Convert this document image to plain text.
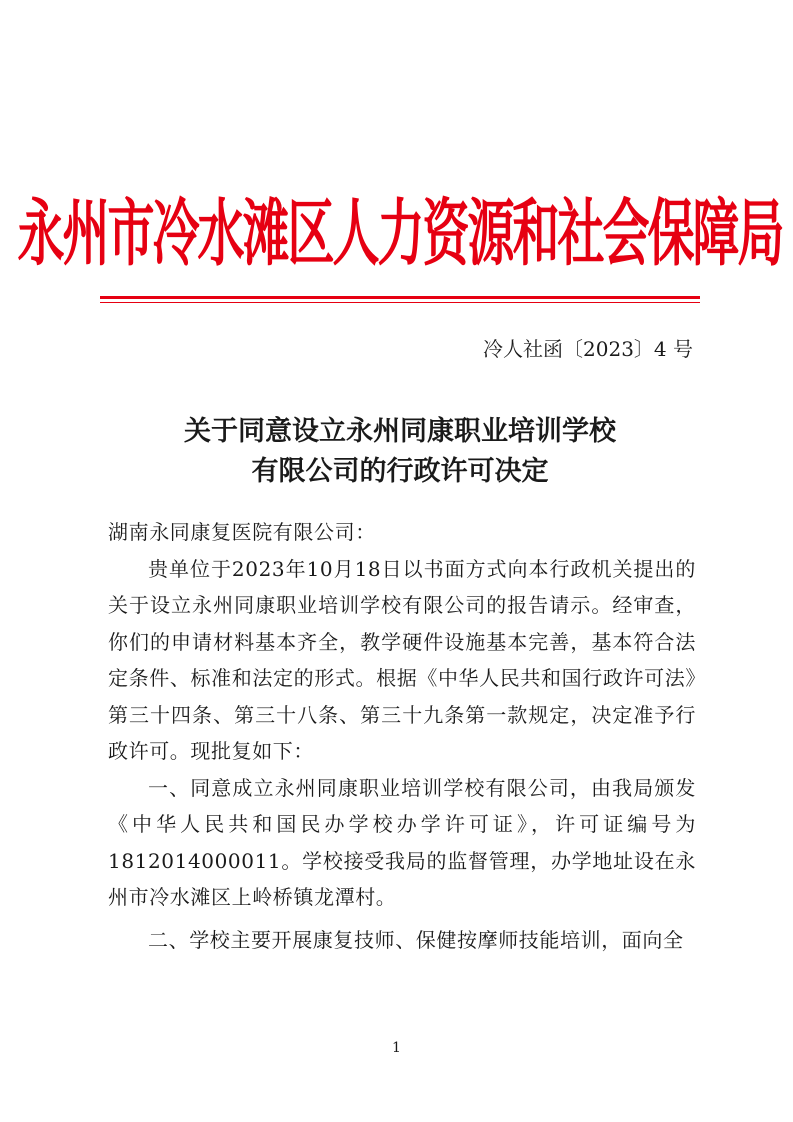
永州市冷水滩区人力资源和社会保障局
冷人社函〔2023〕4 号
关于同意设立永州同康职业培训学校
有限公司的行政许可决定

湖南永同康复医院有限公司：

贵单位于2023年10月18日以书面方式向本行政机关提出的关于设立永州同康职业培训学校有限公司的报告请示。经审查，你们的申请材料基本齐全，教学硬件设施基本完善，基本符合法定条件、标准和法定的形式。根据《中华人民共和国行政许可法》第三十四条、第三十八条、第三十九条第一款规定，决定准予行政许可。现批复如下：

一、同意成立永州同康职业培训学校有限公司，由我局颁发《中华人民共和国民办学校办学许可证》，许可证编号为1812014000011。学校接受我局的监督管理，办学地址设在永州市冷水滩区上岭桥镇龙潭村。

二、学校主要开展康复技师、保健按摩师技能培训，面向全

1
